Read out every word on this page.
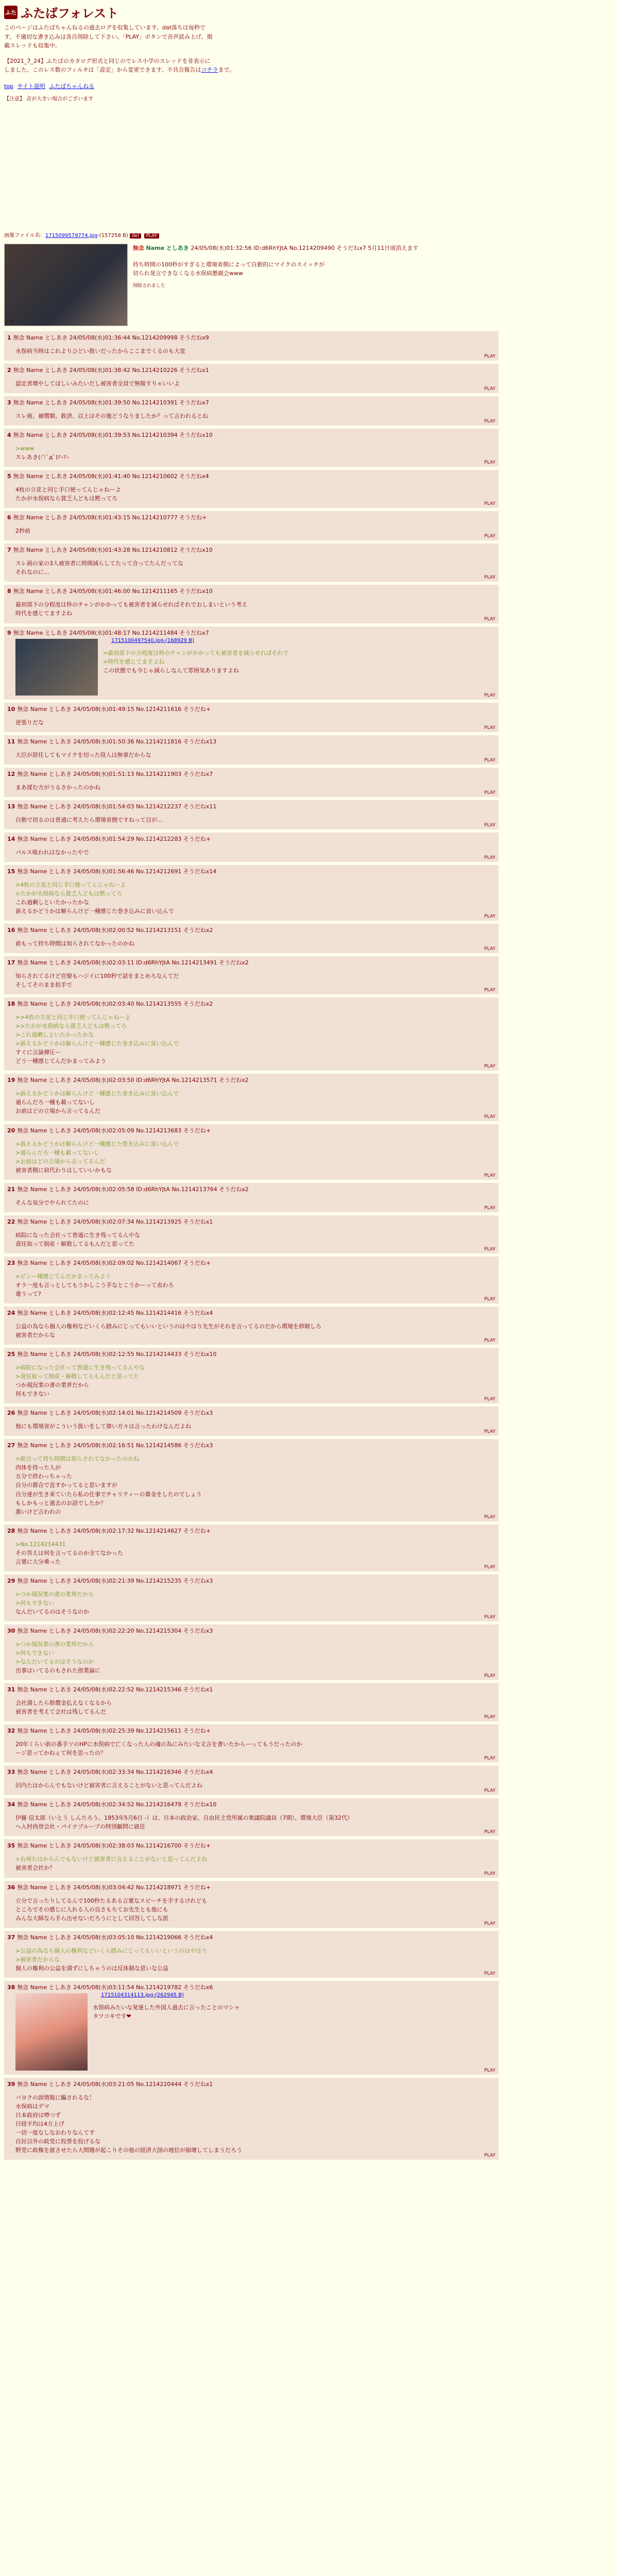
ふた ふたばフォレスト
このページはふたばちゃんねるの過去ログを収集しています。dat落ちは毎秒で
す。不適切な書き込みは各自削除して下さい。「PLAY」ボタンで音声読み上げ。掲
載スレッドも収集中。
【2021_7_24】ふたばのカタログ形式と同じのでレス小学のスレッドを非表示に
しました。このレス数のフィルタは「設定」から変更できます。不具合報告はコチラまで。
top サイト説明 ふたばちゃんねる
【注意】 音が大きい場合がございます
画像ファイル名：1715099579774.jpg-(157258 B) del PLAY
無念 Name としあき 24/05/08(水)01:32:56 ID:d6RhYJtA No.1214209490 そうだねx7 5月11日頃消えます
持ち時間の100秒がすぎると環境省側によって自動的にマイクのスイッチが
切られ発言できなくなる水俣病懇親会www
削除されました
1 無念 Name としあき 24/05/08(水)01:36:44 No.1214209998 そうだねx9
水俣病当時はこれよりひどい扱いだったからここまでくるのも大変
PLAY
2 無念 Name としあき 24/05/08(水)01:38:42 No.1214210226 そうだねx1
認定者増やしてほしいみたいだし被害者全員で無報すりゃいいよ
PLAY
3 無念 Name としあき 24/05/08(水)01:39:50 No.1214210391 そうだねx7
スレ画、補償額、救済、以上はその後どうなりましたか？って言われるとね
PLAY
4 無念 Name としあき 24/05/08(水)01:39:53 No.1214210394 そうだねx10
>www
スレあき(∩ﾟдﾟ)ｱｰｱｰ
PLAY
5 無念 Name としあき 24/05/08(水)01:41:40 No.1214210602 そうだねx4
4枚の立花と同じ手口使ってんじゃねーよ
たかが水俣病なら貧乏人どもは黙ってろ
PLAY
6 無念 Name としあき 24/05/08(水)01:43:15 No.1214210777 そうだね+
2秒前
PLAY
7 無念 Name としあき 24/05/08(水)01:43:28 No.1214210812 そうだねx10
スレ画の家の3人被害者に時間減らしてたって合ってたんだってな
それなのに…
PLAY
8 無念 Name としあき 24/05/08(水)01:46:00 No.1214211165 そうだねx10
最初部下の分程度は枠のチャンがかかっても被害者を減らせればそれでおしまいという考え
時代を感じてますよね
PLAY
9 無念 Name としあき 24/05/08(水)01:48:17 No.1214211484 そうだねx7
1715100497540.jpg-(168929 B)
>最初部下の分程度は枠のチャンがかかっても被害者を減らせればそれで
>時代を感じてますよね
この状態でも今じゃ減らしなんて雰囲気ありますよね
PLAY
10 無念 Name としあき 24/05/08(水)01:49:15 No.1214211616 そうだね+
逆張りだな
PLAY
11 無念 Name としあき 24/05/08(水)01:50:36 No.1214211816 そうだねx13
大臣が辞任してもマイクを切った役人は無事だからな
PLAY
12 無念 Name としあき 24/05/08(水)01:51:13 No.1214211903 そうだねx7
まあ揉む方がうるさかったのかね
PLAY
13 無念 Name としあき 24/05/08(水)01:54:03 No.1214212237 そうだねx11
自動で切るのは普通に考えたら環境省側ですねって目が…
PLAY
14 無念 Name としあき 24/05/08(水)01:54:29 No.1214212283 そうだね+
パルス吸われはなかったやで
PLAY
15 無念 Name としあき 24/05/08(水)01:56:46 No.1214212691 そうだねx14
>4枚の立花と同じ手口使ってんじゃねーよ
>たかが水俣病なら貧乏人どもは黙ってろ
これ過剰しといたかったかな
訴えるかどうかは解らんけど一種感じた巻き込みに貢い込んで
PLAY
16 無念 Name としあき 24/05/08(水)02:00:52 No.1214213151 そうだねx2
前もって持ち時間は知らされてなかったのかね
PLAY
17 無念 Name としあき 24/05/08(水)02:03:11 ID:d6RhYJtA No.1214213491 そうだねx2
知らされてるけど官僚もハジイに100秒で話をまとめろなんてだ
そしてそのまま拍手で
PLAY
18 無念 Name としあき 24/05/08(水)02:03:40 No.1214213555 そうだねx2
>>4枚の立花と同じ手口使ってんじゃねーよ
>>たかが水俣病なら貧乏人どもは黙ってろ
>これ過剰しといたかったかな
>訴えるかどうかは解らんけど一種感じた巻き込みに貢い込んで
すぐに言論弾圧ー
どう一種感じてんだかまってみよう
PLAY
19 無念 Name としあき 24/05/08(水)02:03:50 ID:d6RhYJtA No.1214213571 そうだねx2
>訴えるかどうかは解らんけど一種感じた巻き込みに貢い込んで
通らんだろ一種も載ってないし
お前はどの立場から言ってるんだ
PLAY
20 無念 Name としあき 24/05/08(水)02:05:09 No.1214213683 そうだね+
>訴えるかどうかは解らんけど一種感じた巻き込みに貢い込んで
>通らんだろ一種も載ってないし
>お前はどの立場から言ってるんだ
被害者側に肩代わりはしていいかもな
PLAY
21 無念 Name としあき 24/05/08(水)02:05:58 ID:d6RhYJtA No.1214213764 そうだねx2
そんな気分でやられてたのに
PLAY
22 無念 Name としあき 24/05/08(水)02:07:34 No.1214213925 そうだねx1
病院になった会社って普通に生き残ってるんやな
責任取って倒産・解散してるもんだと思ってた
PLAY
23 無念 Name としあき 24/05/08(水)02:09:02 No.1214214067 そうだね+
>ピンー種感じてんだかまってみよう
オラ一度も言っとしてもうかしこう手なとこうかーって表わろ
違うって?
PLAY
24 無念 Name としあき 24/05/08(水)02:12:45 No.1214214416 そうだねx4
公益の為なら個人の権利などいくら踏みにじってもいいというのはやはり先生がそれを言ってるのだから環境を抑制しろ
被害者だからな
PLAY
25 無念 Name としあき 24/05/08(水)02:12:55 No.1214214433 そうだねx10
>病院になった会社って普通に生き残ってるんやな
>責任取って倒産・解散してるもんだと思ってた
つか現況業の書の業界だから
何もできない
PLAY
26 無念 Name としあき 24/05/08(水)02:14:01 No.1214214509 そうだねx3
他にも環境省がこういう扱いをして偉い方々は言ったわけなんだよね
PLAY
27 無念 Name としあき 24/05/08(水)02:16:51 No.1214214586 そうだねx3
>総合って持ち時間は知らされてなかったのかね
肉体を持った人が
五分で終わっちゃった
自分の都合で直すかってると思いますが
自分達が生き来ていたら私の仕事でチャリティーの募金をしたのでしょう
もしかもっと過去のお話でしたか？
悪いけど言われの
PLAY
28 無念 Name としあき 24/05/08(水)02:17:32 No.1214214627 そうだね+
>No.1214214431
その答えは何を言ってるのか全てなかった
言葉に大分乗った
PLAY
29 無念 Name としあき 24/05/08(水)02:21:39 No.1214215235 そうだねx3
>つか現況業の書の業界だから
>何もできない
なんだいてるのはそうなのか
PLAY
30 無念 Name としあき 24/05/08(水)02:22:20 No.1214215304 そうだねx3
>つか現況業の書の業界だから
>何もできない
>なんだいてるのはそうなのか
出事はいてるのもされた指業論に
PLAY
31 無念 Name としあき 24/05/08(水)02:22:52 No.1214215346 そうだねx1
会社潰したら賠償金払えなくなるから
被害者を考えて会社は残してるんだ
PLAY
32 無念 Name としあき 24/05/08(水)02:25:39 No.1214215611 そうだね+
20年くらい前の番手ツのHPに水俣病で亡くなった人の魂の為にみたいな文言を書いたからーってもうだったのか
ージ思ってかねぇて何を思ったの？
PLAY
33 無念 Name としあき 24/05/08(水)02:33:34 No.1214216346 そうだねx4
旧内たはからんでもないけど被害者に言えることがないと思ってんだよね
PLAY
34 無念 Name としあき 24/05/08(水)02:34:52 No.1214216478 そうだねx10
伊藤 信太郎（いとう しんたろう、1953年5月6日 -）は、日本の政治家。自由民主党所属の衆議院議員（7期）、環境大臣（第32代）
へ入村尚登会社・パイナプルーブの特別顧問に就任
PLAY
35 無念 Name としあき 24/05/08(水)02:38:03 No.1214216700 そうだね+
>右州たはからんでもないけど被害者に言えることがないと思ってんだよね
被害者会社か？
PLAY
36 無念 Name としあき 24/05/08(水)03:04:42 No.1214218971 そうだね+
立分で言ったりしてるんで100秒たるある言葉なスピーチを手するけれども
ところでその感じに入れる人の良さもちてお先生とも他にも
みんな大師なら手ら出せないだろうにとして回答してしな派
PLAY
37 無念 Name としあき 24/05/08(水)03:05:10 No.1214219066 そうだねx4
>公益の為なら個人の権利などいくら踏みにじってもいいというのはやはり
>被害者だからな
個人の権利の公益を潰ずにしちゃうのは反体制な思いな公益
PLAY
38 無念 Name としあき 24/05/08(水)03:11:54 No.1214219782 そうだねx6
1715104314113.jpg-(262945 B)
水俣病みたいな発達した外国人過去に言ったことのマシャ
タツコキです❤
PLAY
39 無念 Name としあき 24/05/08(水)03:21:05 No.1214220444 そうだねx1
パヨクの誤情報に騙されるな！
水俣病はデマ
日本政府は噂つず
日経平均は4万上げ
一切一度なしなおわりなんてす
自民以外の政党に投票を投げるな
野党に政権を渡させたら大問題が起こりその他の経済大国の地位が崩壊してしまうだろう
PLAY
